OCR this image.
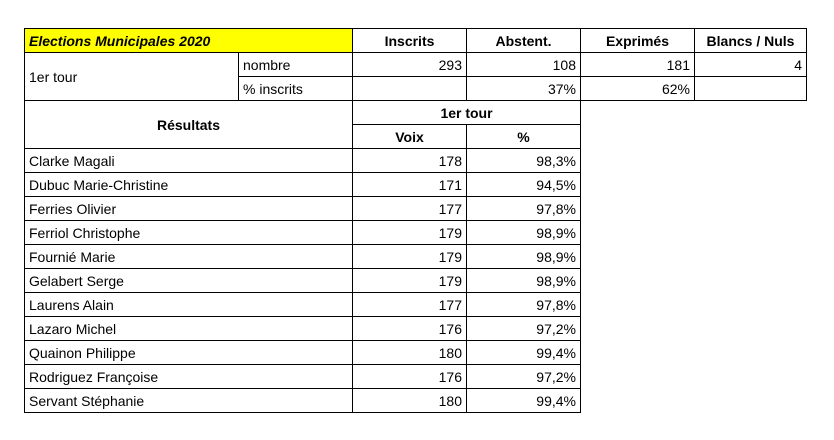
Elections Municipales 2020		Inscrits	Abstent.	Exprimés	Blancs / Nuls
1er tour	nombre	293	108	181	4
	% inscrits		37%	62%	
Résultats		1er tour			
		Voix	%		
Clarke Magali		178	98,3%		
Dubuc Marie-Christine		171	94,5%		
Ferries Olivier		177	97,8%		
Ferriol Christophe		179	98,9%		
Fournié Marie		179	98,9%		
Gelabert Serge		179	98,9%		
Laurens Alain		177	97,8%		
Lazaro Michel		176	97,2%		
Quainon Philippe		180	99,4%		
Rodriguez Françoise		176	97,2%		
Servant Stéphanie		180	99,4%		
